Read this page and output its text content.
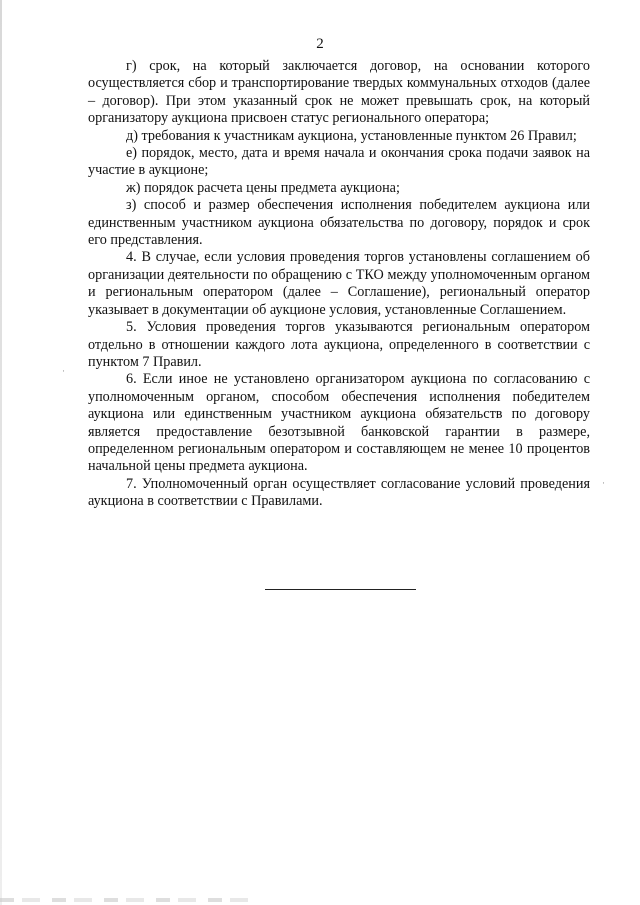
2

г) срок, на который заключается договор, на основании которого осуществляется сбор и транспортирование твердых коммунальных отходов (далее – договор). При этом указанный срок не может превышать срок, на который организатору аукциона присвоен статус регионального оператора;

д) требования к участникам аукциона, установленные пунктом 26 Правил;

е) порядок, место, дата и время начала и окончания срока подачи заявок на участие в аукционе;

ж) порядок расчета цены предмета аукциона;

з) способ и размер обеспечения исполнения победителем аукциона или единственным участником аукциона обязательства по договору, порядок и срок его представления.

4. В случае, если условия проведения торгов установлены соглашением об организации деятельности по обращению с ТКО между уполномоченным органом и региональным оператором (далее – Соглашение), региональный оператор указывает в документации об аукционе условия, установленные Соглашением.

5. Условия проведения торгов указываются региональным оператором отдельно в отношении каждого лота аукциона, определенного в соответствии с пунктом 7 Правил.

6. Если иное не установлено организатором аукциона по согласованию с уполномоченным органом, способом обеспечения исполнения победителем аукциона или единственным участником аукциона обязательств по договору является предоставление безотзывной банковской гарантии в размере, определенном региональным оператором и составляющем не менее 10 процентов начальной цены предмета аукциона.

7. Уполномоченный орган осуществляет согласование условий проведения аукциона в соответствии с Правилами.

·
·
